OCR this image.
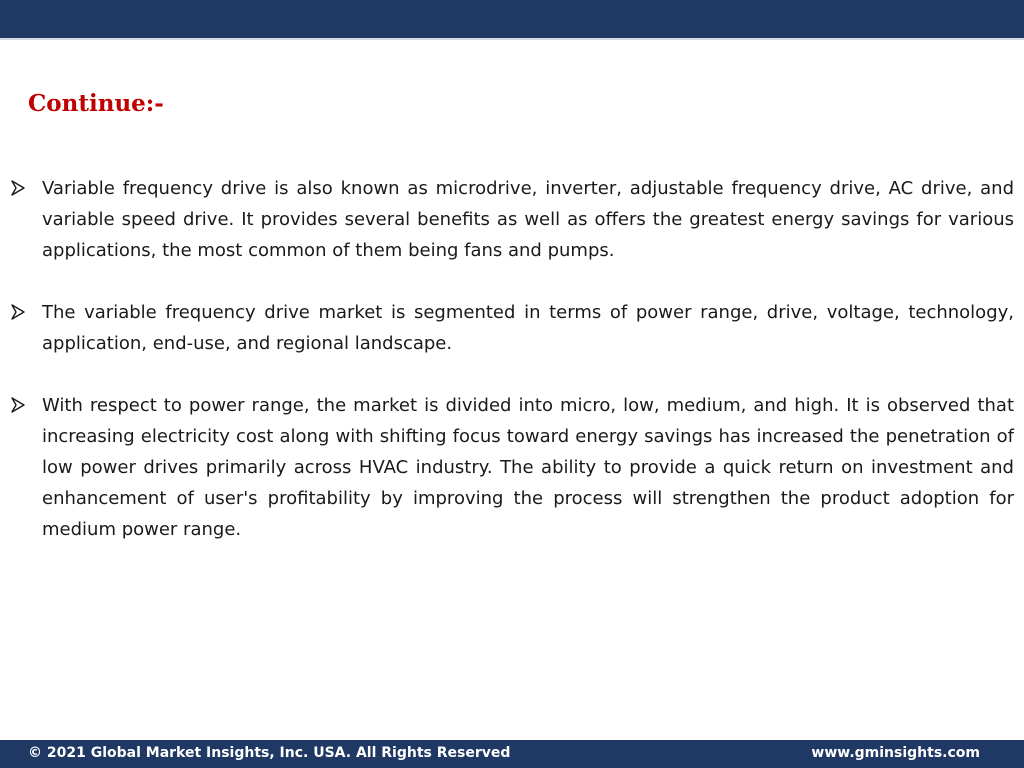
Continue:-
Variable frequency drive is also known as microdrive, inverter, adjustable frequency drive, AC drive, and variable speed drive. It provides several benefits as well as offers the greatest energy savings for various applications, the most common of them being fans and pumps.
The variable frequency drive market is segmented in terms of power range, drive, voltage, technology, application, end-use, and regional landscape.
With respect to power range, the market is divided into micro, low, medium, and high. It is observed that increasing electricity cost along with shifting focus toward energy savings has increased the penetration of low power drives primarily across HVAC industry. The ability to provide a quick return on investment and enhancement of user's profitability by improving the process will strengthen the product adoption for medium power range.
© 2021 Global Market Insights, Inc. USA. All Rights Reserved	www.gminsights.com
